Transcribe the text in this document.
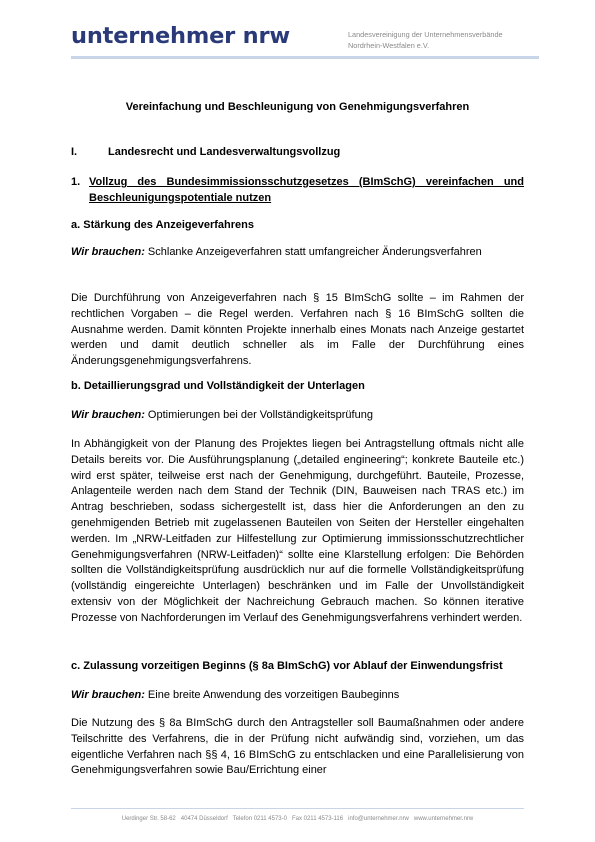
unternehmer nrw	Landesvereinigung der Unternehmensverbände
Nordrhein-Westfalen e.V.
Vereinfachung und Beschleunigung von Genehmigungsverfahren
I.	Landesrecht und Landesverwaltungsvollzug
1. Vollzug des Bundesimmissionsschutzgesetzes (BImSchG) vereinfachen und Beschleunigungspotentiale nutzen
a. Stärkung des Anzeigeverfahrens
Wir brauchen: Schlanke Anzeigeverfahren statt umfangreicher Änderungsverfahren
Die Durchführung von Anzeigeverfahren nach § 15 BImSchG sollte – im Rahmen der rechtlichen Vorgaben – die Regel werden. Verfahren nach § 16 BImSchG sollten die Ausnahme werden. Damit könnten Projekte innerhalb eines Monats nach Anzeige gestartet werden und damit deutlich schneller als im Falle der Durchführung eines Änderungsgenehmigungsverfahrens.
b. Detaillierungsgrad und Vollständigkeit der Unterlagen
Wir brauchen: Optimierungen bei der Vollständigkeitsprüfung
In Abhängigkeit von der Planung des Projektes liegen bei Antragstellung oftmals nicht alle Details bereits vor. Die Ausführungsplanung („detailed engineering“; konkrete Bauteile etc.) wird erst später, teilweise erst nach der Genehmigung, durchgeführt. Bauteile, Prozesse, Anlagenteile werden nach dem Stand der Technik (DIN, Bauweisen nach TRAS etc.) im Antrag beschrieben, sodass sichergestellt ist, dass hier die Anforderungen an den zu genehmigenden Betrieb mit zugelassenen Bauteilen von Seiten der Hersteller eingehalten werden. Im „NRW-Leitfaden zur Hilfestellung zur Optimierung immissionsschutzrechtlicher Genehmigungsverfahren (NRW-Leitfaden)“ sollte eine Klarstellung erfolgen: Die Behörden sollten die Vollständigkeitsprüfung ausdrücklich nur auf die formelle Vollständigkeitsprüfung (vollständig eingereichte Unterlagen) beschränken und im Falle der Unvollständigkeit extensiv von der Möglichkeit der Nachreichung Gebrauch machen. So können iterative Prozesse von Nachforderungen im Verlauf des Genehmigungsverfahrens verhindert werden.
c. Zulassung vorzeitigen Beginns (§ 8a BImSchG) vor Ablauf der Einwendungsfrist
Wir brauchen: Eine breite Anwendung des vorzeitigen Baubeginns
Die Nutzung des § 8a BImSchG durch den Antragsteller soll Baumaßnahmen oder andere Teilschritte des Verfahrens, die in der Prüfung nicht aufwändig sind, vorziehen, um das eigentliche Verfahren nach §§ 4, 16 BImSchG zu entschlacken und eine Parallelisierung von Genehmigungsverfahren sowie Bau/Errichtung einer
Uerdinger Str. 58-62   40474 Düsseldorf   Telefon 0211 4573-0   Fax 0211 4573-116   info@unternehmer.nrw   www.unternehmer.nrw
